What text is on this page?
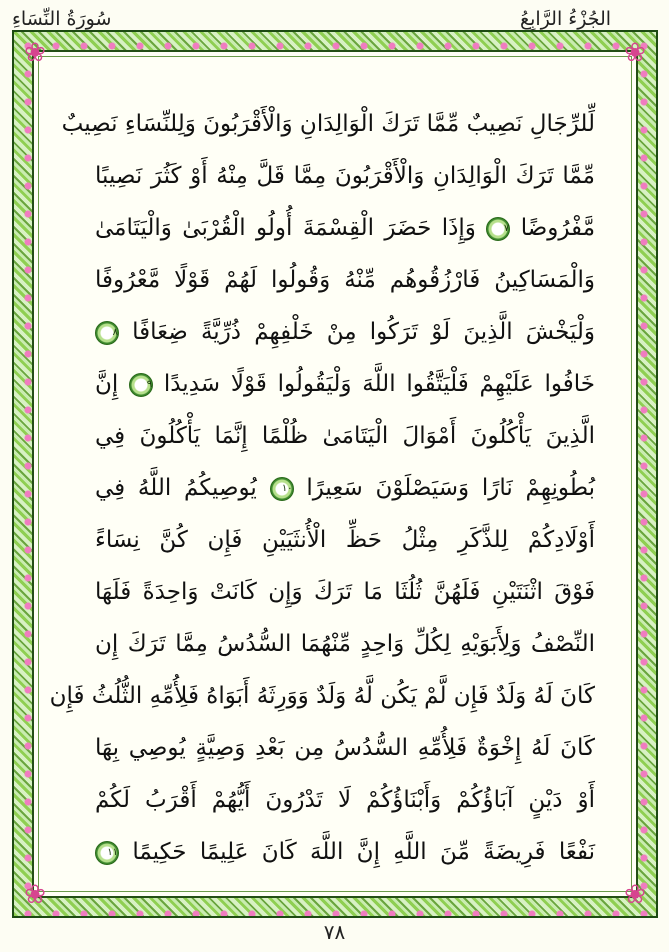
الجُزْءُ الرَّابِعُ
سُورَةُ النِّسَاءِ
❀	❀
❀	❀
لِّلرِّجَالِ نَصِيبٌ مِّمَّا تَرَكَ الْوَالِدَانِ وَالْأَقْرَبُونَ وَلِلنِّسَاءِ نَصِيبٌ
مِّمَّا تَرَكَ الْوَالِدَانِ وَالْأَقْرَبُونَ مِمَّا قَلَّ مِنْهُ أَوْ كَثُرَ نَصِيبًا
مَّفْرُوضًا ٧ وَإِذَا حَضَرَ الْقِسْمَةَ أُولُو الْقُرْبَىٰ وَالْيَتَامَىٰ
وَالْمَسَاكِينُ فَارْزُقُوهُم مِّنْهُ وَقُولُوا لَهُمْ قَوْلًا مَّعْرُوفًا
وَلْيَخْشَ الَّذِينَ لَوْ تَرَكُوا مِنْ خَلْفِهِمْ ذُرِّيَّةً ضِعَافًا ٨
خَافُوا عَلَيْهِمْ فَلْيَتَّقُوا اللَّهَ وَلْيَقُولُوا قَوْلًا سَدِيدًا ٩ إِنَّ
الَّذِينَ يَأْكُلُونَ أَمْوَالَ الْيَتَامَىٰ ظُلْمًا إِنَّمَا يَأْكُلُونَ فِي
بُطُونِهِمْ نَارًا وَسَيَصْلَوْنَ سَعِيرًا ١٠ يُوصِيكُمُ اللَّهُ فِي
أَوْلَادِكُمْ لِلذَّكَرِ مِثْلُ حَظِّ الْأُنثَيَيْنِ فَإِن كُنَّ نِسَاءً
فَوْقَ اثْنَتَيْنِ فَلَهُنَّ ثُلُثَا مَا تَرَكَ وَإِن كَانَتْ وَاحِدَةً فَلَهَا
النِّصْفُ وَلِأَبَوَيْهِ لِكُلِّ وَاحِدٍ مِّنْهُمَا السُّدُسُ مِمَّا تَرَكَ إِن
كَانَ لَهُ وَلَدٌ فَإِن لَّمْ يَكُن لَّهُ وَلَدٌ وَوَرِثَهُ أَبَوَاهُ فَلِأُمِّهِ الثُّلُثُ فَإِن
كَانَ لَهُ إِخْوَةٌ فَلِأُمِّهِ السُّدُسُ مِن بَعْدِ وَصِيَّةٍ يُوصِي بِهَا
أَوْ دَيْنٍ آبَاؤُكُمْ وَأَبْنَاؤُكُمْ لَا تَدْرُونَ أَيُّهُمْ أَقْرَبُ لَكُمْ
نَفْعًا فَرِيضَةً مِّنَ اللَّهِ إِنَّ اللَّهَ كَانَ عَلِيمًا حَكِيمًا ١١
٧٨
